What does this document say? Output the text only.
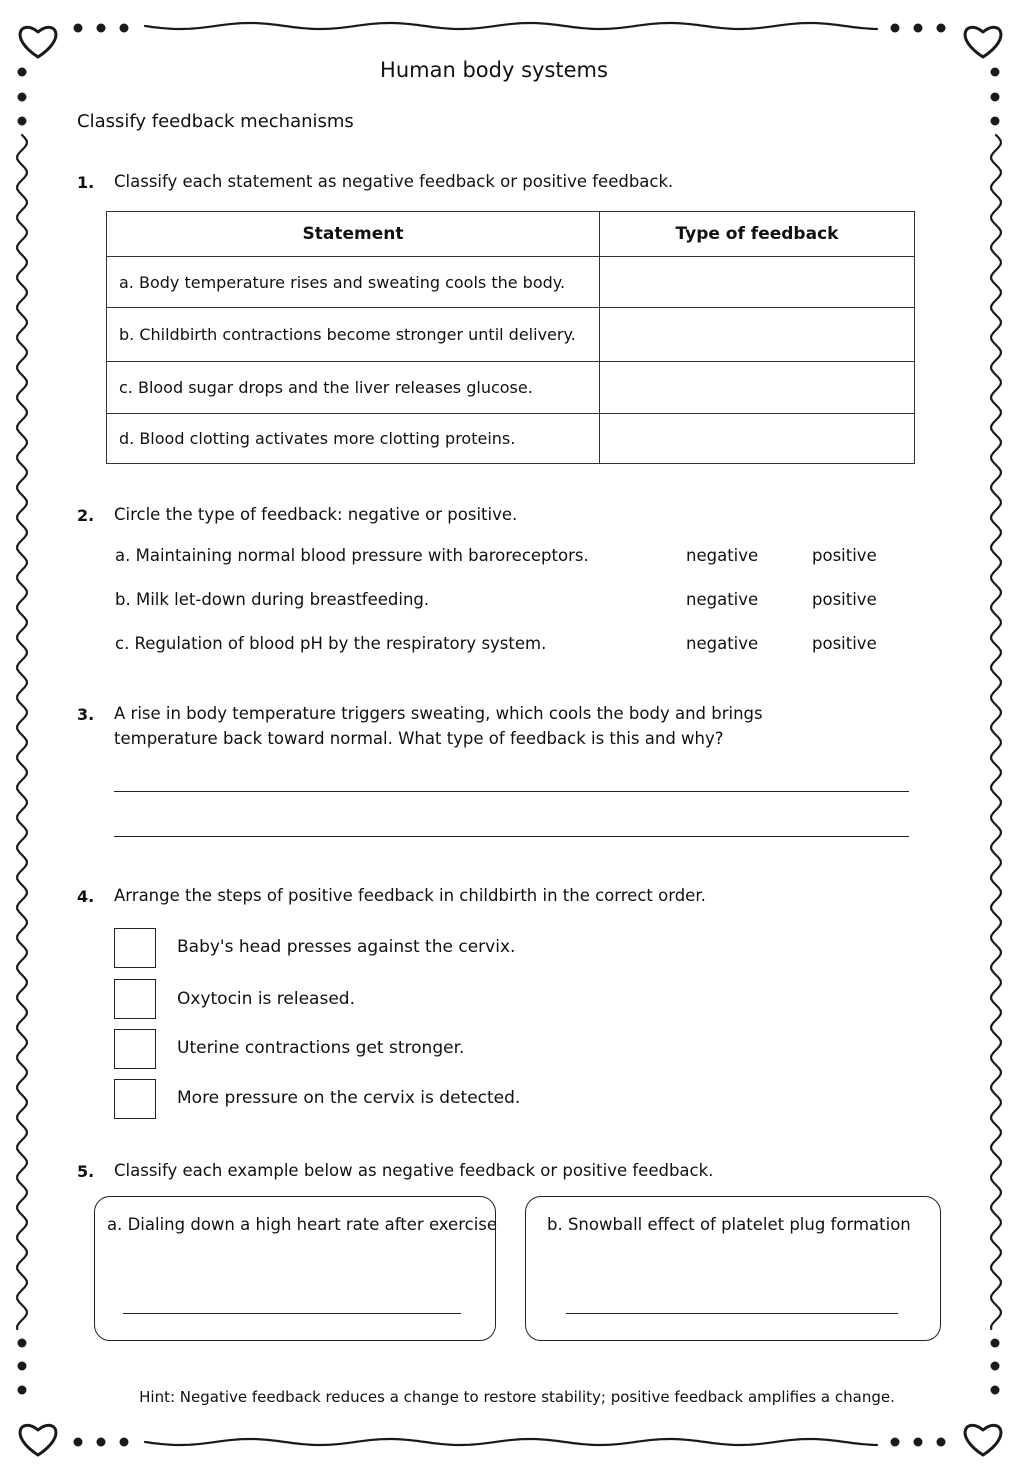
Human body systems
Classify feedback mechanisms
1. Classify each statement as negative feedback or positive feedback.
Statement	Type of feedback
a. Body temperature rises and sweating cools the body.	
b. Childbirth contractions become stronger until delivery.	
c. Blood sugar drops and the liver releases glucose.	
d. Blood clotting activates more clotting proteins.	
2. Circle the type of feedback: negative or positive.
a. Maintaining normal blood pressure with baroreceptors.	negative	positive
b. Milk let-down during breastfeeding.	negative	positive
c. Regulation of blood pH by the respiratory system.	negative	positive
3. A rise in body temperature triggers sweating, which cools the body and brings
temperature back toward normal. What type of feedback is this and why?
4. Arrange the steps of positive feedback in childbirth in the correct order.
Baby's head presses against the cervix.
Oxytocin is released.
Uterine contractions get stronger.
More pressure on the cervix is detected.
5. Classify each example below as negative feedback or positive feedback.
a. Dialing down a high heart rate after exercise	b. Snowball effect of platelet plug formation
Hint: Negative feedback reduces a change to restore stability; positive feedback amplifies a change.
